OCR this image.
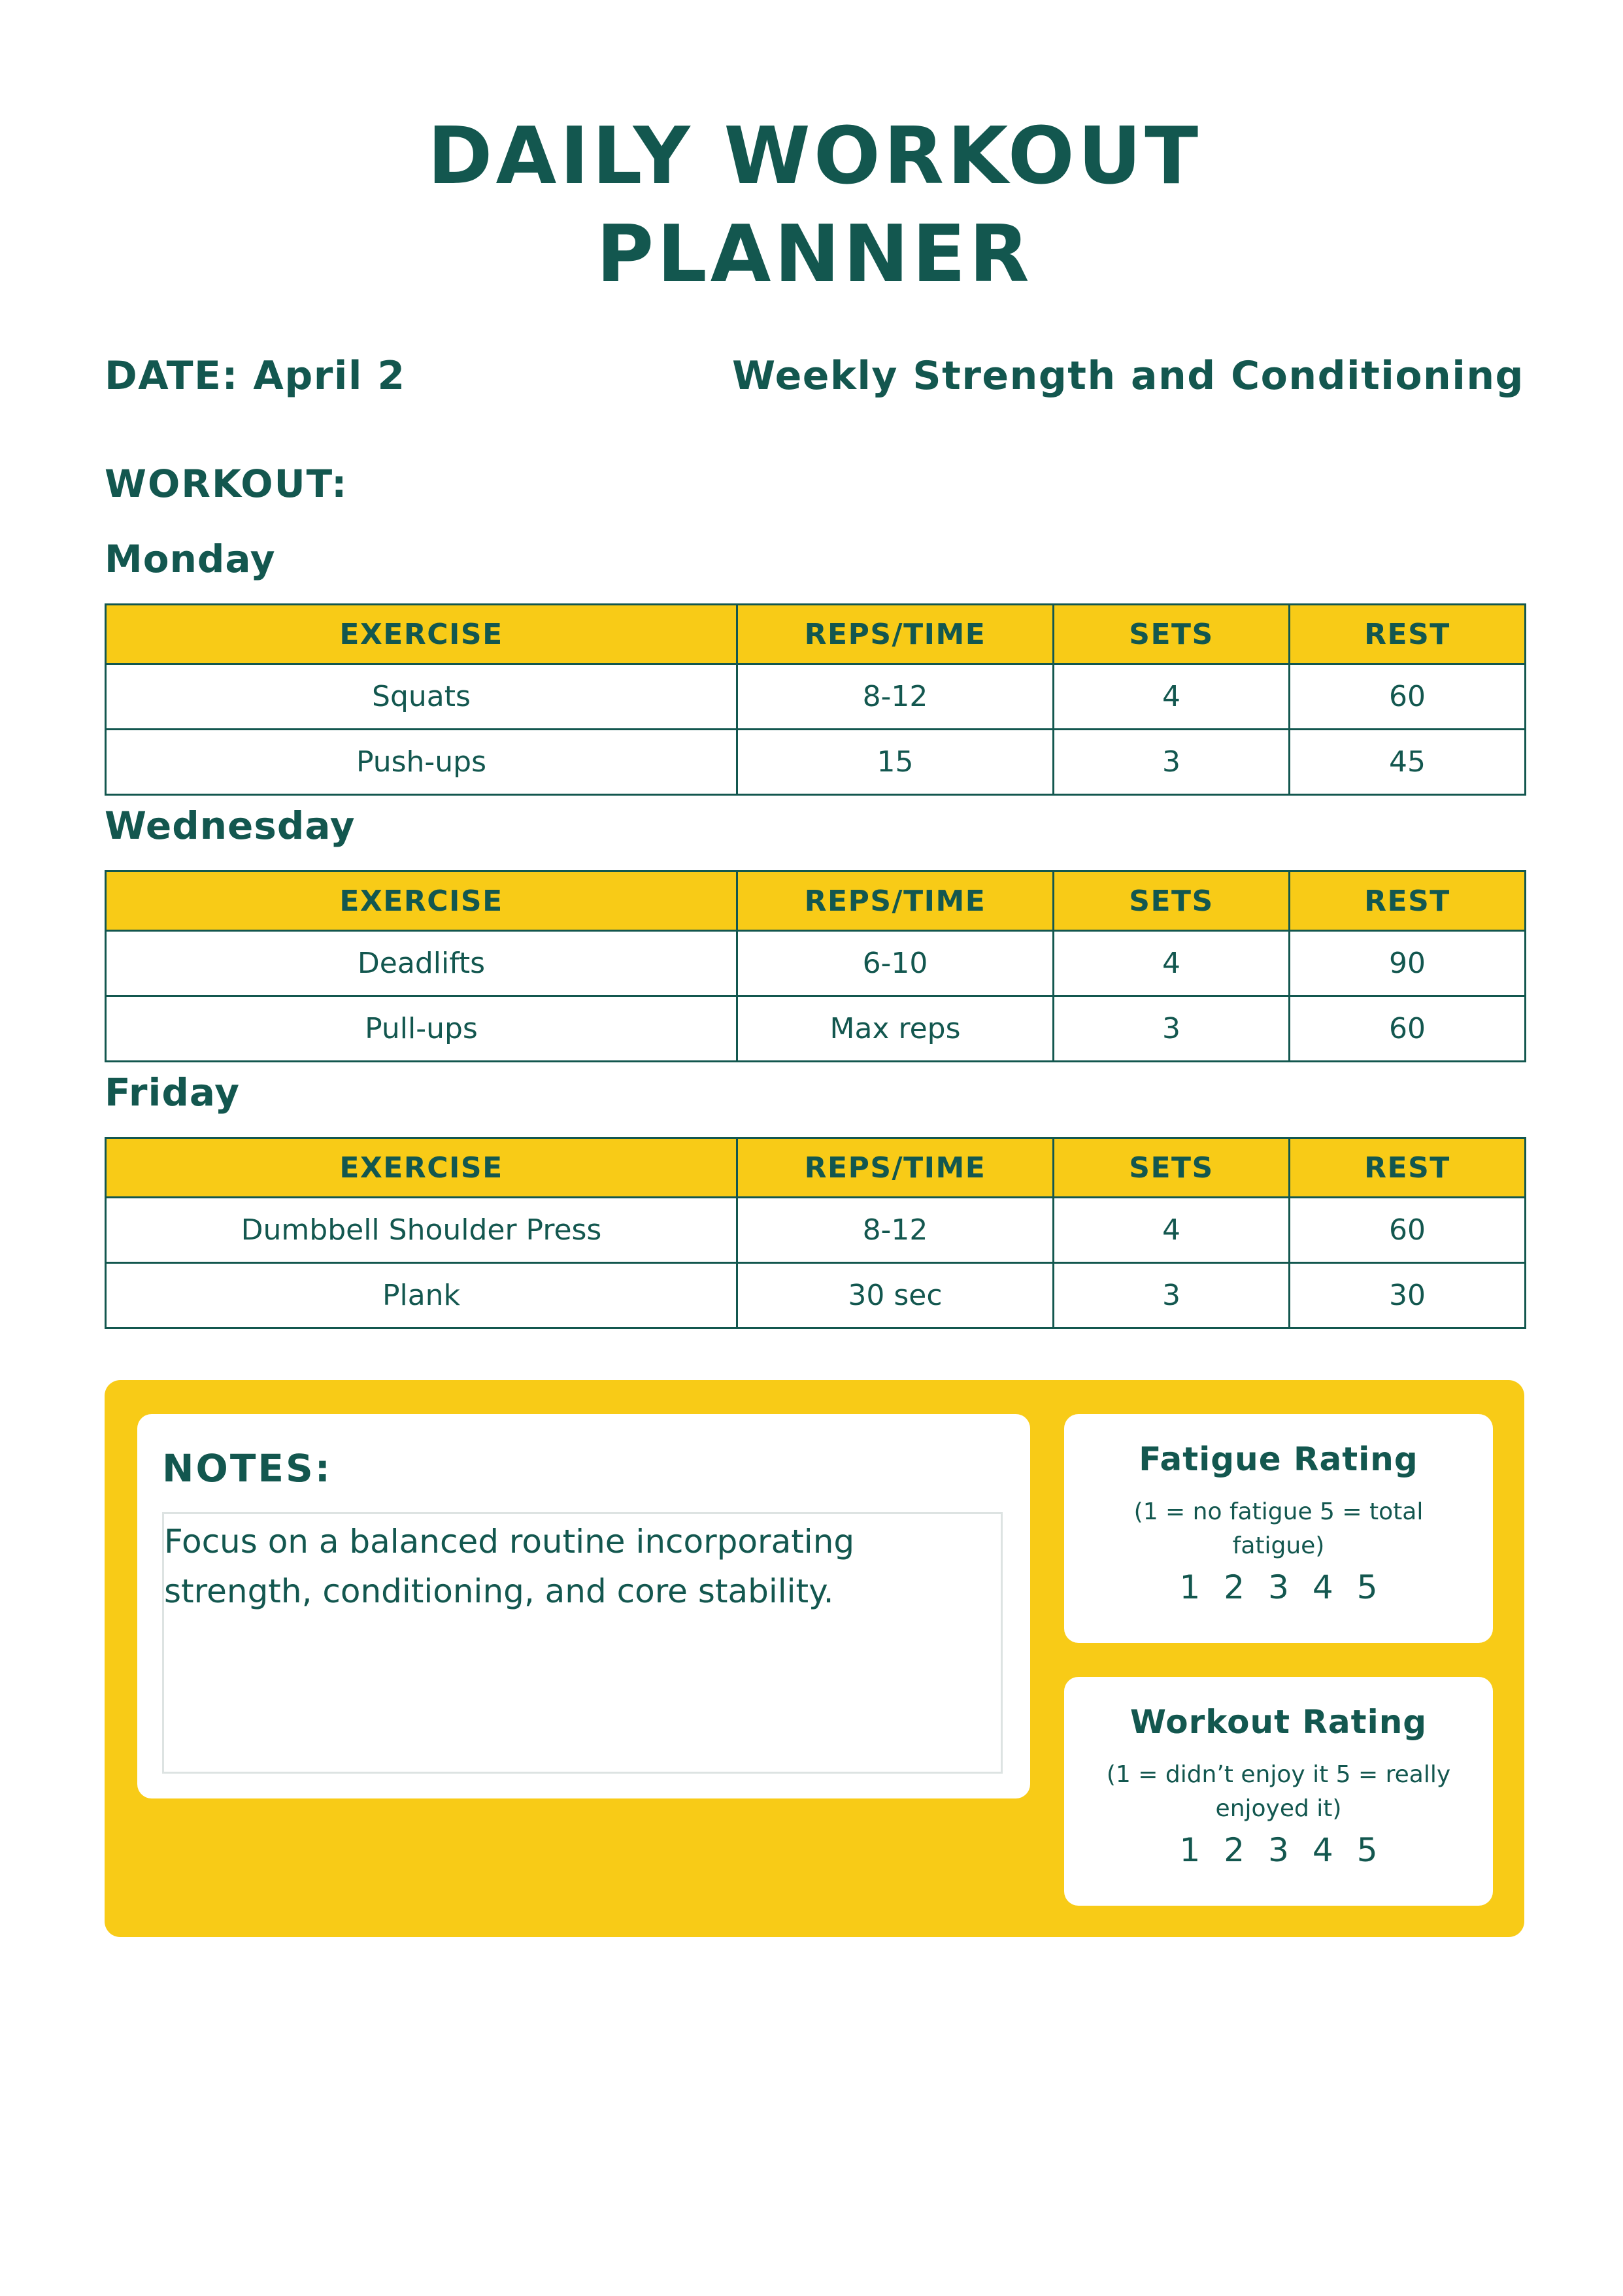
DAILY WORKOUT
PLANNER
DATE: April 2	Weekly Strength and Conditioning
WORKOUT:
Monday
EXERCISE	REPS/TIME	SETS	REST
Squats	8-12	4	60
Push-ups	15	3	45
Wednesday
EXERCISE	REPS/TIME	SETS	REST
Deadlifts	6-10	4	90
Pull-ups	Max reps	3	60
Friday
EXERCISE	REPS/TIME	SETS	REST
Dumbbell Shoulder Press	8-12	4	60
Plank	30 sec	3	30
NOTES:
Focus on a balanced routine incorporating
strength, conditioning, and core stability.
Fatigue Rating
(1 = no fatigue 5 = total
fatigue)
1 2 3 4 5
Workout Rating
(1 = didn’t enjoy it 5 = really
enjoyed it)
1 2 3 4 5
